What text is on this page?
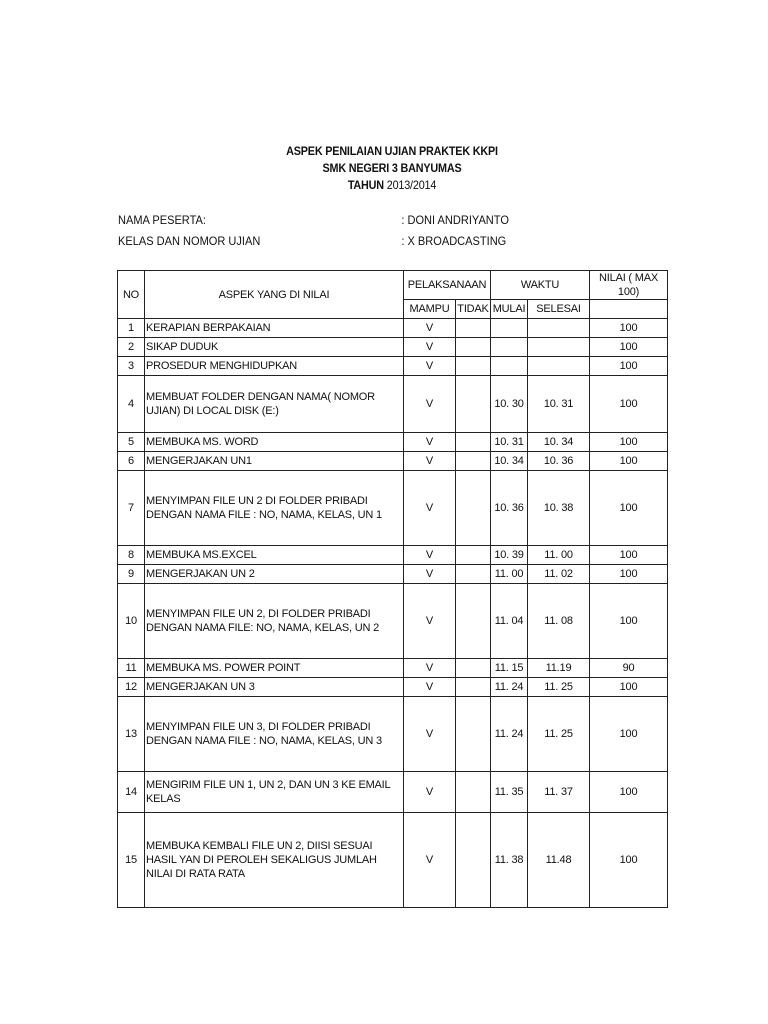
ASPEK PENILAIAN UJIAN PRAKTEK KKPI
SMK NEGERI 3 BANYUMAS
TAHUN 2013/2014
NAMA PESERTA:	: DONI ANDRIYANTO
KELAS DAN NOMOR UJIAN	: X BROADCASTING
NO	ASPEK YANG DI NILAI	PELAKSANAAN		WAKTU		NILAI ( MAX 100)
		MAMPU	TIDAK	MULAI	SELESAI	
1	KERAPIAN BERPAKAIAN	V				100
2	SIKAP DUDUK	V				100
3	PROSEDUR MENGHIDUPKAN	V				100
4	MEMBUAT FOLDER DENGAN NAMA( NOMOR UJIAN) DI LOCAL DISK (E:)	V		10. 30	10. 31	100
5	MEMBUKA MS. WORD	V		10. 31	10. 34	100
6	MENGERJAKAN UN1	V		10. 34	10. 36	100
7	MENYIMPAN FILE UN 2 DI FOLDER PRIBADI DENGAN NAMA FILE : NO, NAMA, KELAS, UN 1	V		10. 36	10. 38	100
8	MEMBUKA MS.EXCEL	V		10. 39	11. 00	100
9	MENGERJAKAN UN 2	V		11. 00	11. 02	100
10	MENYIMPAN FILE UN 2, DI FOLDER PRIBADI DENGAN NAMA FILE: NO, NAMA, KELAS, UN 2	V		11. 04	11. 08	100
11	MEMBUKA MS. POWER POINT	V		11. 15	11.19	90
12	MENGERJAKAN UN 3	V		11. 24	11. 25	100
13	MENYIMPAN FILE UN 3, DI FOLDER PRIBADI DENGAN NAMA FILE : NO, NAMA, KELAS, UN 3	V		11. 24	11. 25	100
14	MENGIRIM FILE UN 1, UN 2, DAN UN 3 KE EMAIL KELAS	V		11. 35	11. 37	100
15	MEMBUKA KEMBALI FILE UN 2, DIISI SESUAI HASIL YAN DI PEROLEH SEKALIGUS JUMLAH NILAI DI RATA RATA	V		11. 38	11.48	100
